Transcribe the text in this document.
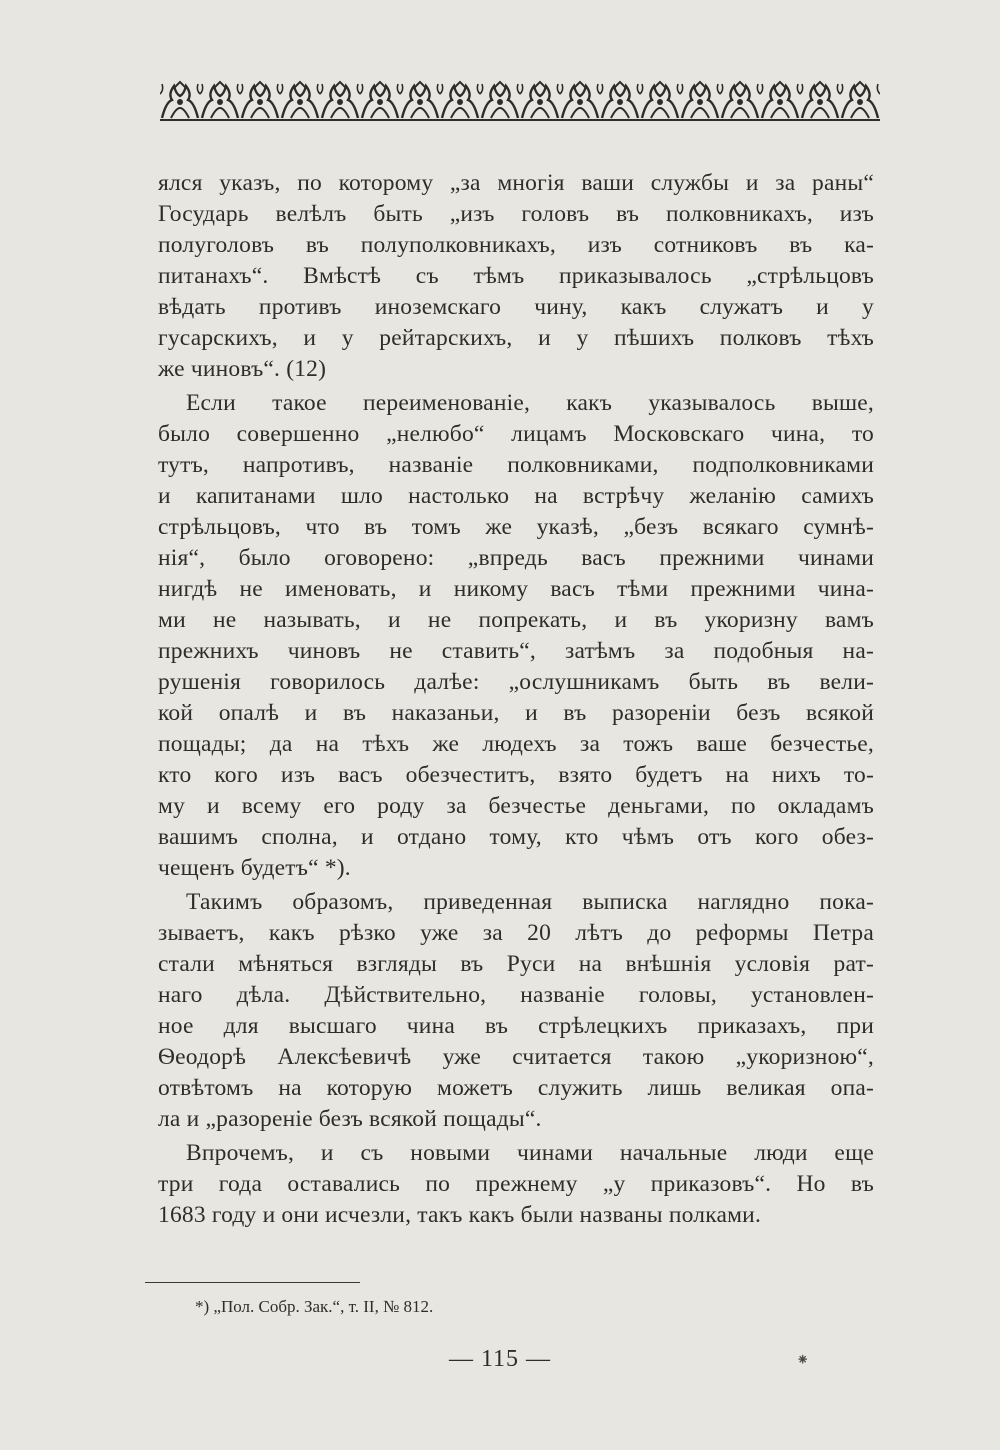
ялся указъ, по которому „за многія ваши службы и за раны“
Государь велѣлъ быть „изъ головъ въ полковникахъ, изъ
полуголовъ въ полуполковникахъ, изъ сотниковъ въ ка-
питанахъ“. Вмѣстѣ съ тѣмъ приказывалось „стрѣльцовъ
вѣдать противъ иноземскаго чину, какъ служатъ и у
гусарскихъ, и у рейтарскихъ, и у пѣшихъ полковъ тѣхъ
же чиновъ“. (12)
Если такое переименованіе, какъ указывалось выше,
было совершенно „нелюбо“ лицамъ Московскаго чина, то
тутъ, напротивъ, названіе полковниками, подполковниками
и капитанами шло настолько на встрѣчу желанію самихъ
стрѣльцовъ, что въ томъ же указѣ, „безъ всякаго сумнѣ-
нія“, было оговорено: „впредь васъ прежними чинами
нигдѣ не именовать, и никому васъ тѣми прежними чина-
ми не называть, и не попрекать, и въ укоризну вамъ
прежнихъ чиновъ не ставить“, затѣмъ за подобныя на-
рушенія говорилось далѣе: „ослушникамъ быть въ вели-
кой опалѣ и въ наказаньи, и въ разореніи безъ всякой
пощады; да на тѣхъ же людехъ за тожъ ваше безчестье,
кто кого изъ васъ обезчеститъ, взято будетъ на нихъ то-
му и всему его роду за безчестье деньгами, по окладамъ
вашимъ сполна, и отдано тому, кто чѣмъ отъ кого обез-
чещенъ будетъ“ *).
Такимъ образомъ, приведенная выписка наглядно пока-
зываетъ, какъ рѣзко уже за 20 лѣтъ до реформы Петра
стали мѣняться взгляды въ Руси на внѣшнія условія рат-
наго дѣла. Дѣйствительно, названіе головы, установлен-
ное для высшаго чина въ стрѣлецкихъ приказахъ, при
Ѳеодорѣ Алексѣевичѣ уже считается такою „укоризною“,
отвѣтомъ на которую можетъ служить лишь великая опа-
ла и „разореніе безъ всякой пощады“.
Впрочемъ, и съ новыми чинами начальные люди еще
три года оставались по прежнему „у приказовъ“. Но въ
1683 году и они исчезли, такъ какъ были названы полками.
*) „Пол. Собр. Зак.“, т. II, № 812.
— 115 —	⁕
